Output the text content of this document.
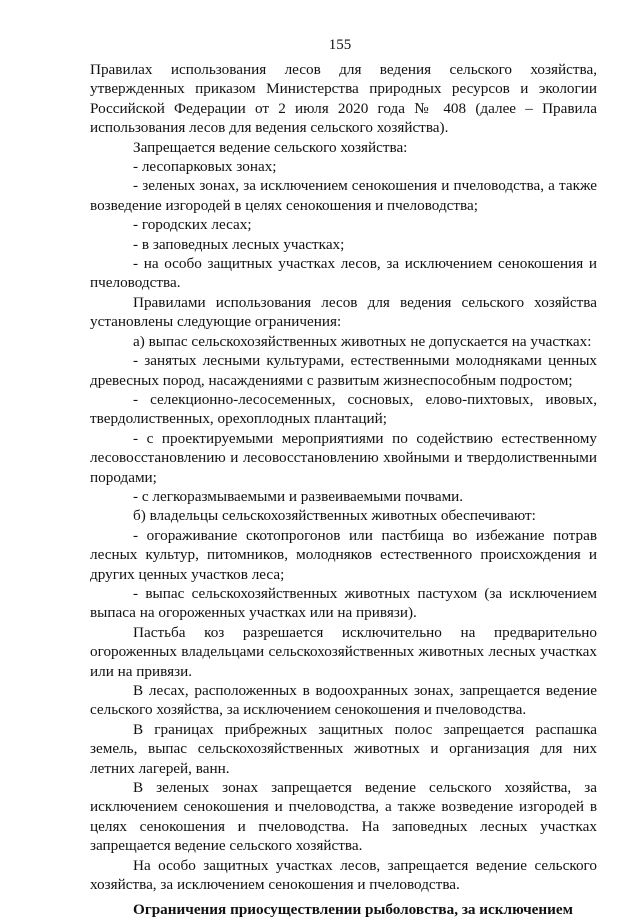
155

Правилах использования лесов для ведения сельского хозяйства, утвержденных приказом Министерства природных ресурсов и экологии Российской Федерации от 2 июля 2020 года № 408 (далее – Правила использования лесов для ведения сельского хозяйства).

Запрещается ведение сельского хозяйства:

- лесопарковых зонах;

- зеленых зонах, за исключением сенокошения и пчеловодства, а также возведение изгородей в целях сенокошения и пчеловодства;

- городских лесах;

- в заповедных лесных участках;

- на особо защитных участках лесов, за исключением сенокошения и пчеловодства.

Правилами использования лесов для ведения сельского хозяйства установлены следующие ограничения:

а) выпас сельскохозяйственных животных не допускается на участках:

- занятых лесными культурами, естественными молодняками ценных древесных пород, насаждениями с развитым жизнеспособным подростом;

- селекционно-лесосеменных, сосновых, елово-пихтовых, ивовых, твердолиственных, орехоплодных плантаций;

- с проектируемыми мероприятиями по содействию естественному лесовосстановлению и лесовосстановлению хвойными и твердолиственными породами;

- с легкоразмываемыми и развеиваемыми почвами.

б) владельцы сельскохозяйственных животных обеспечивают:

- огораживание скотопрогонов или пастбища во избежание потрав лесных культур, питомников, молодняков естественного происхождения и других ценных участков леса;

- выпас сельскохозяйственных животных пастухом (за исключением выпаса на огороженных участках или на привязи).

Пастьба коз разрешается исключительно на предварительно огороженных владельцами сельскохозяйственных животных лесных участках или на привязи.

В лесах, расположенных в водоохранных зонах, запрещается ведение сельского хозяйства, за исключением сенокошения и пчеловодства.

В границах прибрежных защитных полос запрещается распашка земель, выпас сельскохозяйственных животных и организация для них летних лагерей, ванн.

В зеленых зонах запрещается ведение сельского хозяйства, за исключением сенокошения и пчеловодства, а также возведение изгородей в целях сенокошения и пчеловодства. На заповедных лесных участках запрещается ведение сельского хозяйства.

На особо защитных участках лесов, запрещается ведение сельского хозяйства, за исключением сенокошения и пчеловодства.

Ограничения приосуществлении рыболовства, за исключением
